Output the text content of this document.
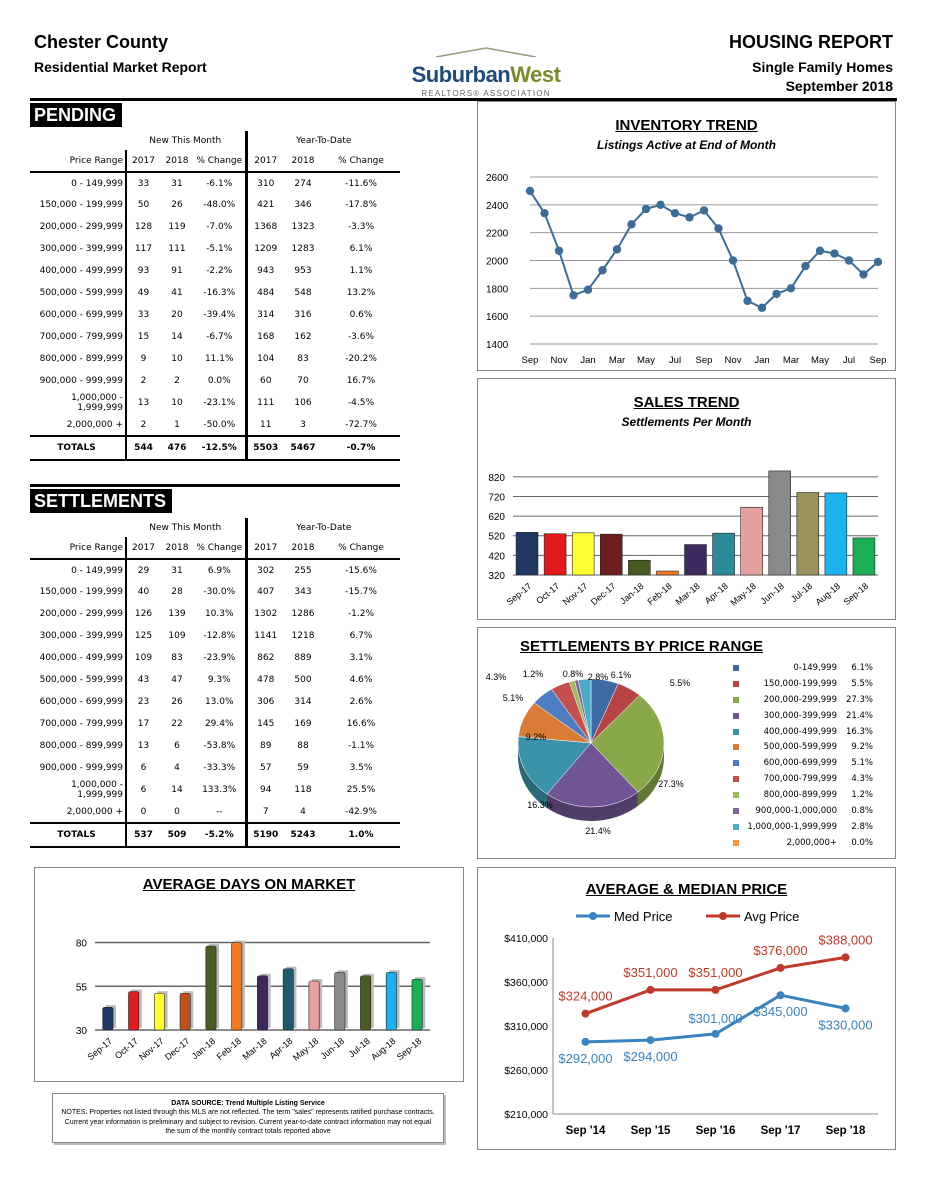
Chester County
Residential Market Report	SuburbanWest
REALTORS® ASSOCIATION
HOUSING REPORT
Single Family Homes
September 2018
PENDING
	New This Month			Year-To-Date		
Price Range	2017	2018	% Change	2017	2018	% Change
0 - 149,999	33	31	-6.1%	310	274	-11.6%
150,000 - 199,999	50	26	-48.0%	421	346	-17.8%
200,000 - 299,999	128	119	-7.0%	1368	1323	-3.3%
300,000 - 399,999	117	111	-5.1%	1209	1283	6.1%
400,000 - 499,999	93	91	-2.2%	943	953	1.1%
500,000 - 599,999	49	41	-16.3%	484	548	13.2%
600,000 - 699,999	33	20	-39.4%	314	316	0.6%
700,000 - 799,999	15	14	-6.7%	168	162	-3.6%
800,000 - 899,999	9	10	11.1%	104	83	-20.2%
900,000 - 999,999	2	2	0.0%	60	70	16.7%
1,000,000 - 1,999,999	13	10	-23.1%	111	106	-4.5%
2,000,000 +	2	1	-50.0%	11	3	-72.7%
TOTALS	544	476	-12.5%	5503	5467	-0.7%
SETTLEMENTS
	New This Month			Year-To-Date		
Price Range	2017	2018	% Change	2017	2018	% Change
0 - 149,999	29	31	6.9%	302	255	-15.6%
150,000 - 199,999	40	28	-30.0%	407	343	-15.7%
200,000 - 299,999	126	139	10.3%	1302	1286	-1.2%
300,000 - 399,999	125	109	-12.8%	1141	1218	6.7%
400,000 - 499,999	109	83	-23.9%	862	889	3.1%
500,000 - 599,999	43	47	9.3%	478	500	4.6%
600,000 - 699,999	23	26	13.0%	306	314	2.6%
700,000 - 799,999	17	22	29.4%	145	169	16.6%
800,000 - 899,999	13	6	-53.8%	89	88	-1.1%
900,000 - 999,999	6	4	-33.3%	57	59	3.5%
1,000,000 - 1,999,999	6	14	133.3%	94	118	25.5%
2,000,000 +	0	0	--	7	4	-42.9%
TOTALS	537	509	-5.2%	5190	5243	1.0%
INVENTORY TREND
Listings Active at End of Month
2600
2400
2200
2000
1800
1600
1400
Sep Nov Jan Mar May Jul Sep Nov Jan Mar May Jul Sep
SALES TREND
Settlements Per Month
820
720
620
520
420
320
Sep-17 Oct-17 Nov-17 Dec-17 Jan-18 Feb-18 Mar-18 Apr-18
May-18 Jun-18 Jul-18 Aug-18 Sep-18
SETTLEMENTS BY PRICE RANGE
6.1%
5.5%
27.3%
21.4%
16.3%
9.2%
5.1%
4.3% 1.2% 0.8% 2.8%
0-149,999	6.1%
150,000-199,999	5.5%
200,000-299,999	27.3%
300,000-399,999	21.4%
400,000-499,999	16.3%
500,000-599,999	9.2%
600,000-699,999	5.1%
700,000-799,999	4.3%
800,000-899,999	1.2%
900,000-1,000,000	0.8%
1,000,000-1,999,999	2.8%
2,000,000+	0.0%
AVERAGE DAYS ON MARKET
80
55
30
Sep-17
Oct-17
Nov-17
Dec-17
Jan-18
Feb-18
Mar-18
Apr-18
May-18
Jun-18 Jul-18
Aug-18
Sep-18
AVERAGE & MEDIAN PRICE
$410,000
$360,000
$310,000
$260,000
$210,000
Sep '14 Sep '15 Sep '16 Sep '17 Sep '18
Med Price	Avg Price
$292,000 $294,000
$301,000 $345,000
$330,000
$324,000
$351,000 $351,000
$376,000
$388,000
DATA SOURCE: Trend Multiple Listing Service
NOTES: Properties not listed through this MLS are not reflected. The term "sales" represents ratified purchase contracts. Current year information is preliminary and subject to revision. Current year-to-date contract information may not equal the sum of the monthly contract totals reported above
